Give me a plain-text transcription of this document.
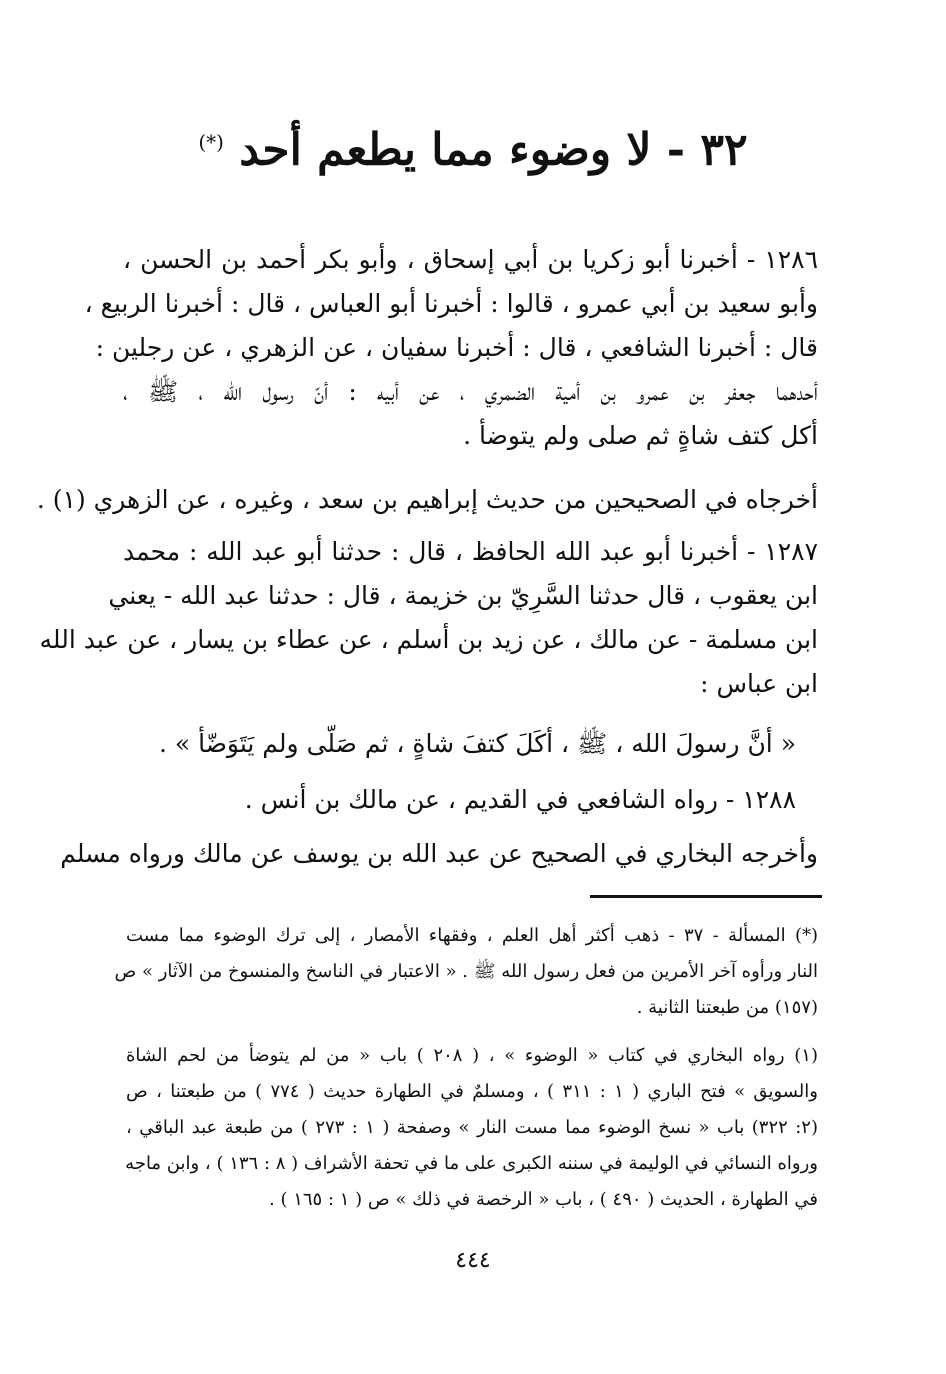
٣٢ - لا وضوء مما يطعم أحد (*)
١٢٨٦ - أخبرنا أبو زكريا بن أبي إسحاق ، وأبو بكر أحمد بن الحسن ،
وأبو سعيد بن أبي عمرو ، قالوا : أخبرنا أبو العباس ، قال : أخبرنا الربيع ،
قال : أخبرنا الشافعي ، قال : أخبرنا سفيان ، عن الزهري ، عن رجلين :
أحدهما جعفر بن عمرو بن أمية الضمري ، عن أبيه : أنّ رسول الله ، ﷺ ،
أكل كتف شاةٍ ثم صلى ولم يتوضأ .
أخرجاه في الصحيحين من حديث إبراهيم بن سعد ، وغيره ، عن الزهري (١) .
١٢٨٧ - أخبرنا أبو عبد الله الحافظ ، قال : حدثنا أبو عبد الله : محمد
ابن يعقوب ، قال حدثنا السَّرِيّ بن خزيمة ، قال : حدثنا عبد الله - يعني
ابن مسلمة - عن مالك ، عن زيد بن أسلم ، عن عطاء بن يسار ، عن عبد الله
ابن عباس :
« أنَّ رسولَ الله ، ﷺ ، أكَلَ كتفَ شاةٍ ، ثم صَلّى ولم يَتَوَضّأ » .
١٢٨٨ - رواه الشافعي في القديم ، عن مالك بن أنس .
وأخرجه البخاري في الصحيح عن عبد الله بن يوسف عن مالك ورواه مسلم
(*) المسألة - ٣٧ - ذهب أكثر أهل العلم ، وفقهاء الأمصار ، إلى ترك الوضوء مما مست
النار ورأوه آخر الأمرين من فعل رسول الله ﷺ . « الاعتبار في الناسخ والمنسوخ من الآثار » ص
(١٥٧) من طبعتنا الثانية .
(١) رواه البخاري في كتاب « الوضوء » ، ( ٢٠٨ ) باب « من لم يتوضأ من لحم الشاة
والسويق » فتح الباري ( ١ : ٣١١ ) ، ومسلمٌ في الطهارة حديث ( ٧٧٤ ) من طبعتنا ، ص
(٢: ٣٢٢) باب « نسخ الوضوء مما مست النار » وصفحة ( ١ : ٢٧٣ ) من طبعة عبد الباقي ،
ورواه النسائي في الوليمة في سننه الكبرى على ما في تحفة الأشراف ( ٨ : ١٣٦ ) ، وابن ماجه
في الطهارة ، الحديث ( ٤٩٠ ) ، باب « الرخصة في ذلك » ص ( ١ : ١٦٥ ) .
٤٤٤
